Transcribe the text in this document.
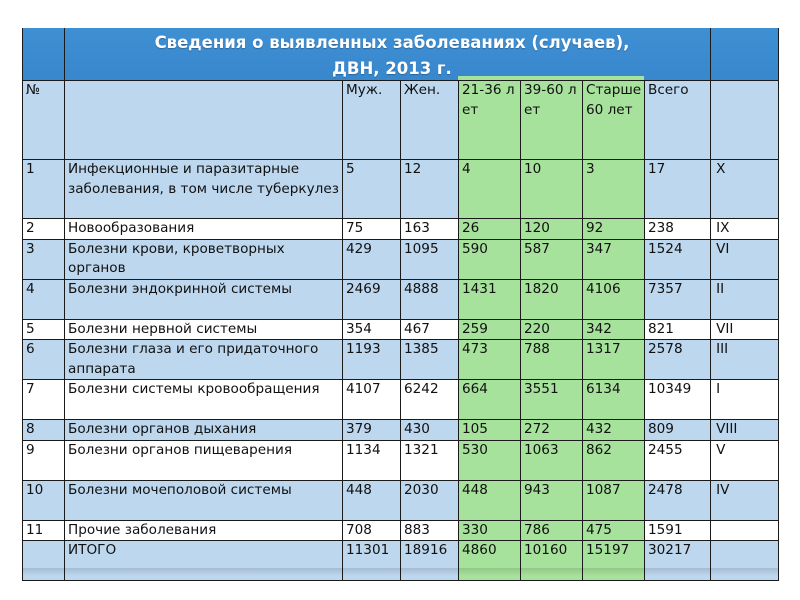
Сведения о выявленных заболеваниях (случаев),
ДВН, 2013 г.

№		Муж.	Жен.	21-36 лет	39-60 лет	Старше 60 лет	Всего	
1	Инфекционные и паразитарные заболевания, в том числе туберкулез	5	12	4	10	3	17	X
2	Новообразования	75	163	26	120	92	238	IX
3	Болезни крови, кроветворных органов	429	1095	590	587	347	1524	VI
4	Болезни эндокринной системы	2469	4888	1431	1820	4106	7357	II
5	Болезни нервной системы	354	467	259	220	342	821	VII
6	Болезни глаза и его придаточного аппарата	1193	1385	473	788	1317	2578	III
7	Болезни системы кровообращения	4107	6242	664	3551	6134	10349	I
8	Болезни органов дыхания	379	430	105	272	432	809	VIII
9	Болезни органов пищеварения	1134	1321	530	1063	862	2455	V
10	Болезни мочеполовой системы	448	2030	448	943	1087	2478	IV
11	Прочие заболевания	708	883	330	786	475	1591	
	ИТОГО	11301	18916	4860	10160	15197	30217	
